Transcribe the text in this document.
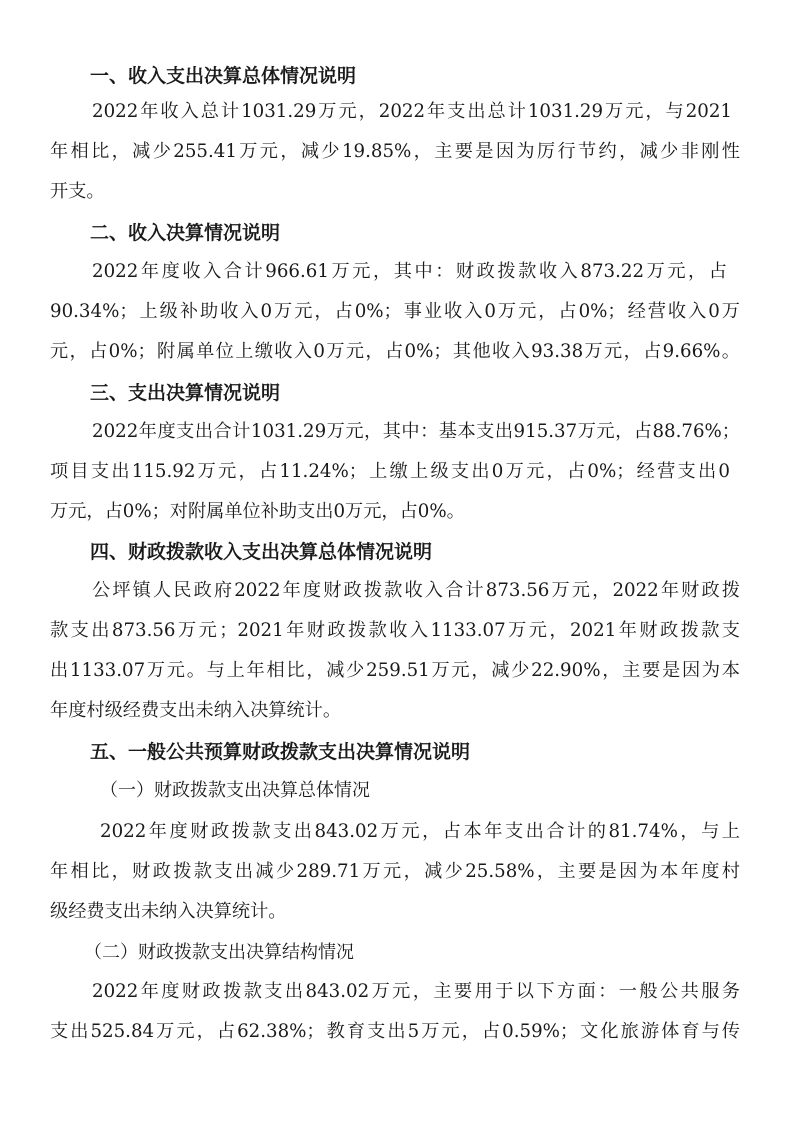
一、收入支出决算总体情况说明

2022年收入总计1031.29万元，2022年支出总计1031.29万元，与2021

年相比，减少255.41万元，减少19.85%，主要是因为厉行节约，减少非刚性

开支。

二、收入决算情况说明

2022年度收入合计966.61万元，其中：财政拨款收入873.22万元，占

90.34%；上级补助收入0万元，占0%；事业收入0万元，占0%；经营收入0万

元，占0%；附属单位上缴收入0万元，占0%；其他收入93.38万元，占9.66%。

三、支出决算情况说明

2022年度支出合计1031.29万元，其中：基本支出915.37万元，占88.76%；

项目支出115.92万元，占11.24%；上缴上级支出0万元，占0%；经营支出0

万元，占0%；对附属单位补助支出0万元，占0%。

四、财政拨款收入支出决算总体情况说明

公坪镇人民政府2022年度财政拨款收入合计873.56万元，2022年财政拨

款支出873.56万元；2021年财政拨款收入1133.07万元，2021年财政拨款支

出1133.07万元。与上年相比，减少259.51万元，减少22.90%，主要是因为本

年度村级经费支出未纳入决算统计。

五、一般公共预算财政拨款支出决算情况说明

（一）财政拨款支出决算总体情况

2022年度财政拨款支出843.02万元，占本年支出合计的81.74%，与上

年相比，财政拨款支出减少289.71万元，减少25.58%，主要是因为本年度村

级经费支出未纳入决算统计。

（二）财政拨款支出决算结构情况

2022年度财政拨款支出843.02万元，主要用于以下方面：一般公共服务

支出525.84万元，占62.38%；教育支出5万元，占0.59%；文化旅游体育与传
